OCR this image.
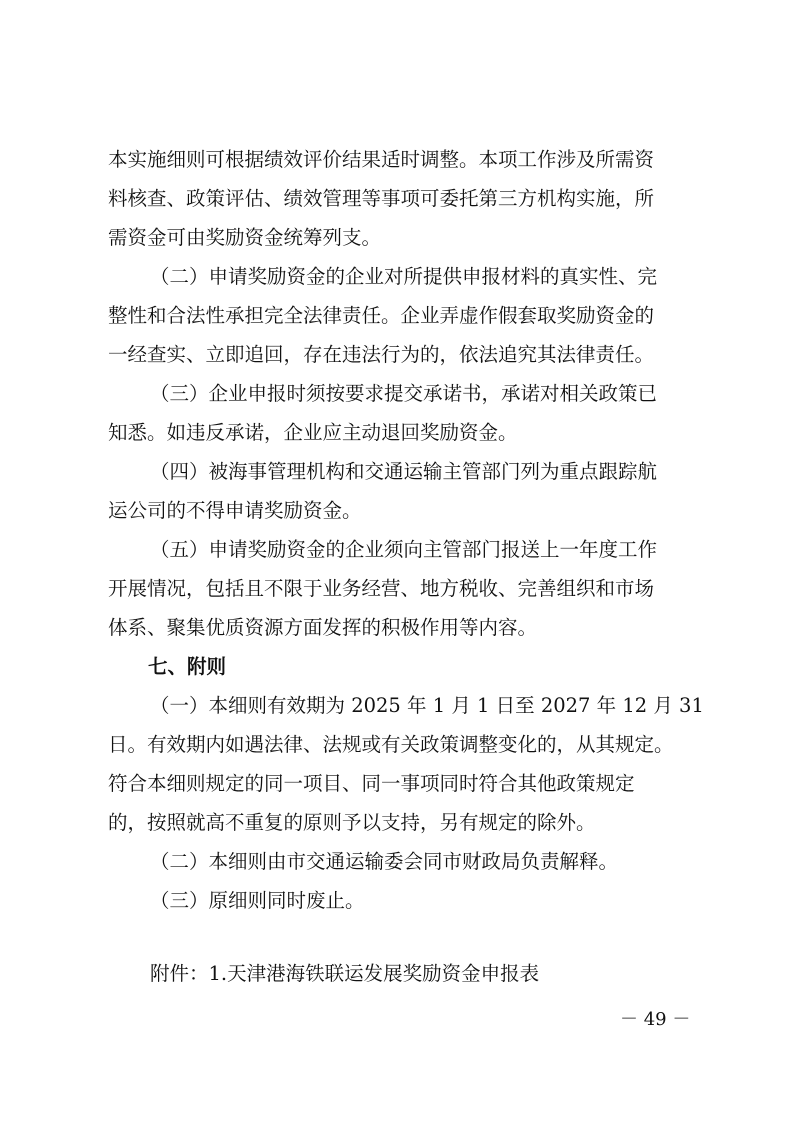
本实施细则可根据绩效评价结果适时调整。本项工作涉及所需资
料核查、政策评估、绩效管理等事项可委托第三方机构实施，所
需资金可由奖励资金统筹列支。
（二）申请奖励资金的企业对所提供申报材料的真实性、完
整性和合法性承担完全法律责任。企业弄虚作假套取奖励资金的
一经查实、立即追回，存在违法行为的，依法追究其法律责任。
（三）企业申报时须按要求提交承诺书，承诺对相关政策已
知悉。如违反承诺，企业应主动退回奖励资金。
（四）被海事管理机构和交通运输主管部门列为重点跟踪航
运公司的不得申请奖励资金。
（五）申请奖励资金的企业须向主管部门报送上一年度工作
开展情况，包括且不限于业务经营、地方税收、完善组织和市场
体系、聚集优质资源方面发挥的积极作用等内容。
七、附则
（一）本细则有效期为 2025 年 1 月 1 日至 2027 年 12 月 31
日。有效期内如遇法律、法规或有关政策调整变化的，从其规定。
符合本细则规定的同一项目、同一事项同时符合其他政策规定
的，按照就高不重复的原则予以支持，另有规定的除外。
（二）本细则由市交通运输委会同市财政局负责解释。
（三）原细则同时废止。
附件：1.天津港海铁联运发展奖励资金申报表
－ 49 －
